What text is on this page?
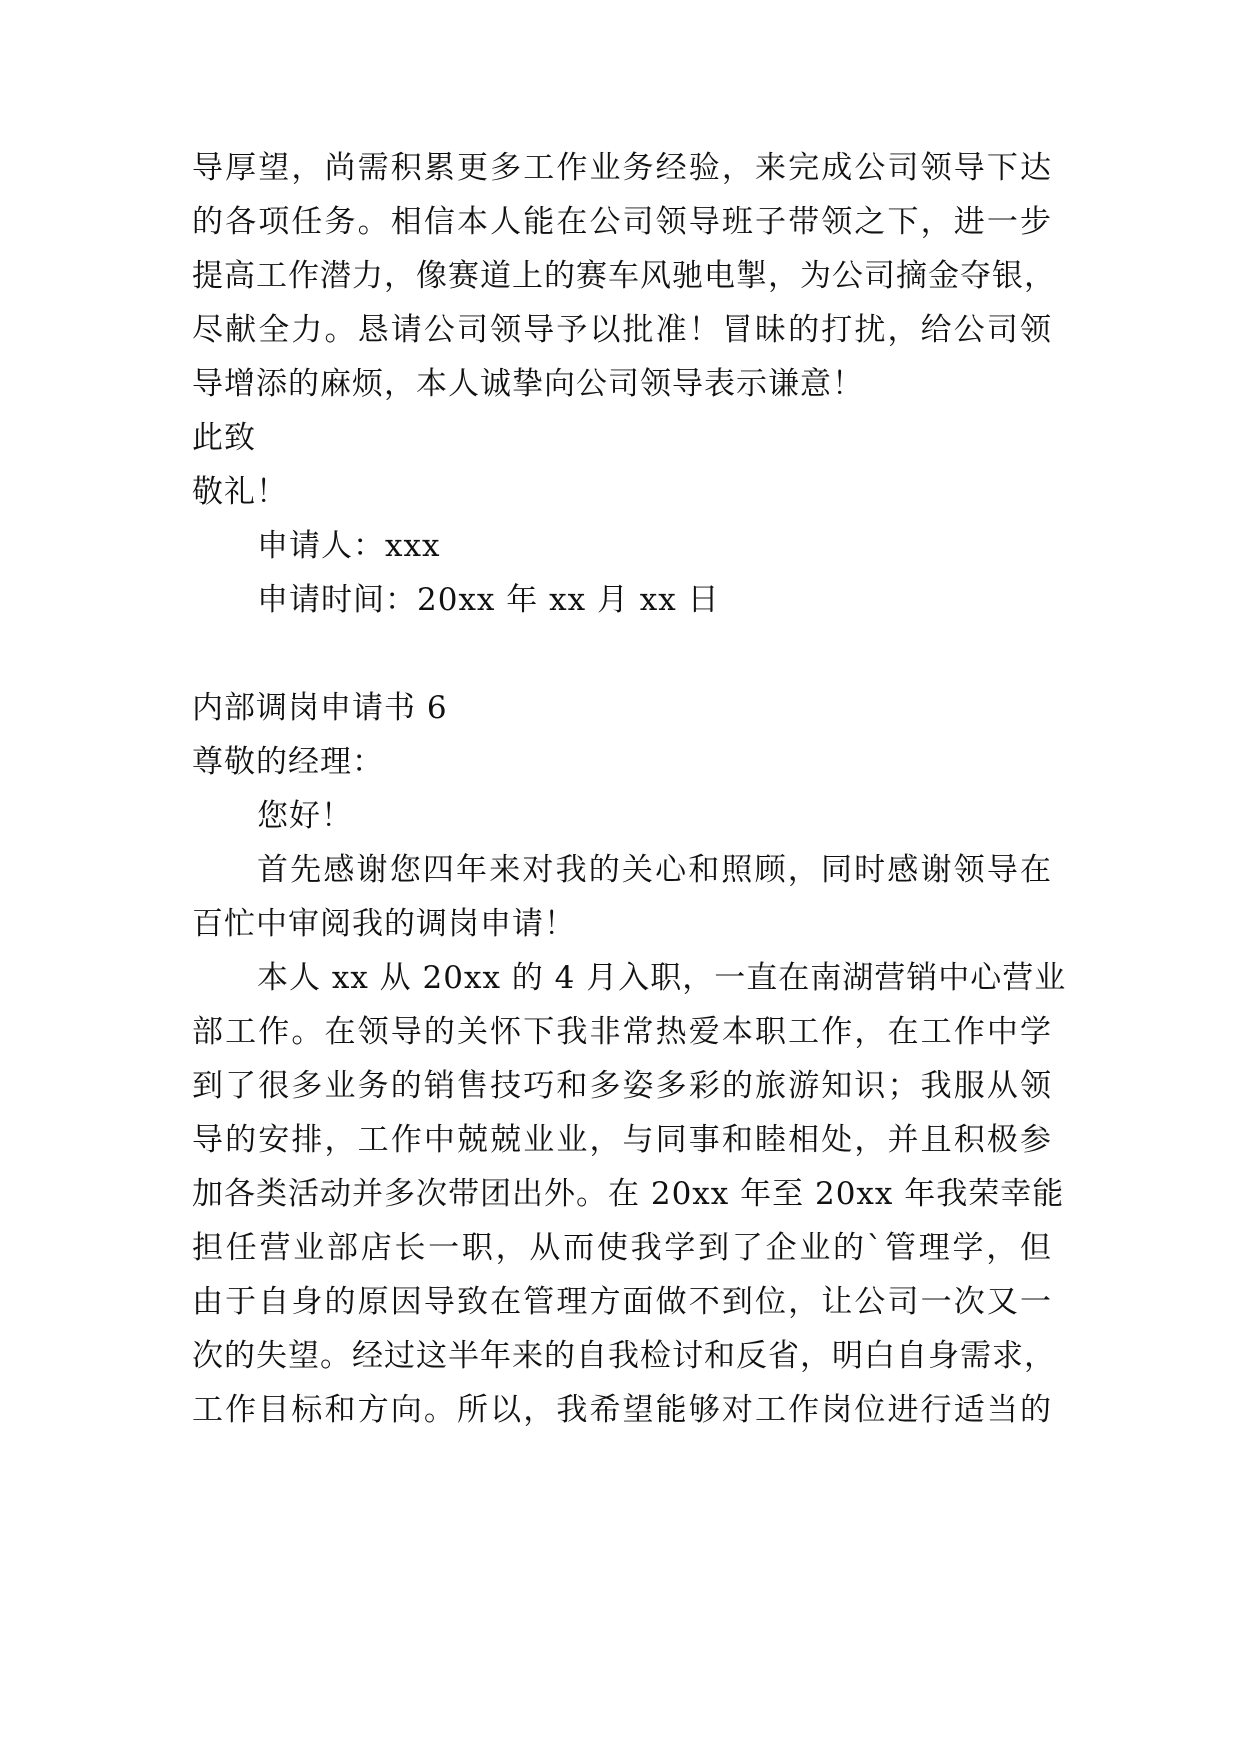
导厚望，尚需积累更多工作业务经验，来完成公司领导下达
的各项任务。相信本人能在公司领导班子带领之下，进一步
提高工作潜力，像赛道上的赛车风驰电掣，为公司摘金夺银，
尽献全力。恳请公司领导予以批准！冒昧的打扰，给公司领
导增添的麻烦，本人诚挚向公司领导表示谦意！
此致
敬礼！
申请人：xxx
申请时间：20xx 年 xx 月 xx 日
内部调岗申请书 6
尊敬的经理：
您好！
首先感谢您四年来对我的关心和照顾，同时感谢领导在
百忙中审阅我的调岗申请！
本人 xx 从 20xx 的 4 月入职，一直在南湖营销中心营业
部工作。在领导的关怀下我非常热爱本职工作，在工作中学
到了很多业务的销售技巧和多姿多彩的旅游知识；我服从领
导的安排，工作中兢兢业业，与同事和睦相处，并且积极参
加各类活动并多次带团出外。在 20xx 年至 20xx 年我荣幸能
担任营业部店长一职，从而使我学到了企业的`管理学，但
由于自身的原因导致在管理方面做不到位，让公司一次又一
次的失望。经过这半年来的自我检讨和反省，明白自身需求，
工作目标和方向。所以，我希望能够对工作岗位进行适当的
